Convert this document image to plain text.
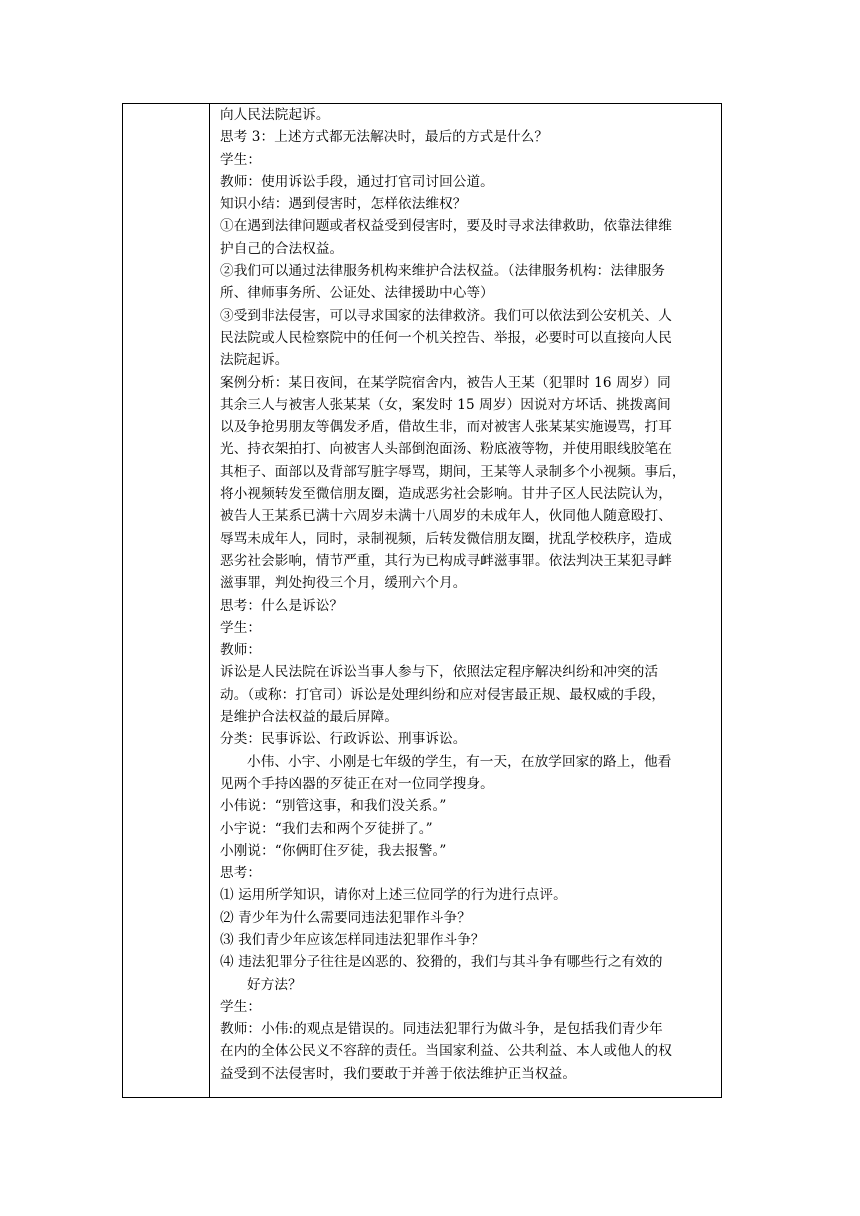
向人民法院起诉。
思考 3：上述方式都无法解决时，最后的方式是什么？
学生：
教师：使用诉讼手段，通过打官司讨回公道。
知识小结：遇到侵害时，怎样依法维权？
①在遇到法律问题或者权益受到侵害时，要及时寻求法律救助，依靠法律维
护自己的合法权益。
②我们可以通过法律服务机构来维护合法权益。（法律服务机构：法律服务
所、律师事务所、公证处、法律援助中心等）
③受到非法侵害，可以寻求国家的法律救济。我们可以依法到公安机关、人
民法院或人民检察院中的任何一个机关控告、举报，必要时可以直接向人民
法院起诉。
案例分析：某日夜间，在某学院宿舍内，被告人王某（犯罪时 16 周岁）同
其余三人与被害人张某某（女，案发时 15 周岁）因说对方坏话、挑拨离间
以及争抢男朋友等偶发矛盾，借故生非，而对被害人张某某实施谩骂，打耳
光、持衣架拍打、向被害人头部倒泡面汤、粉底液等物，并使用眼线胶笔在
其柜子、面部以及背部写脏字辱骂，期间，王某等人录制多个小视频。事后，
将小视频转发至微信朋友圈，造成恶劣社会影响。甘井子区人民法院认为，
被告人王某系已满十六周岁未满十八周岁的未成年人，伙同他人随意殴打、
辱骂未成年人，同时，录制视频，后转发微信朋友圈，扰乱学校秩序，造成
恶劣社会影响，情节严重，其行为已构成寻衅滋事罪。依法判决王某犯寻衅
滋事罪，判处拘役三个月，缓刑六个月。
思考：什么是诉讼？
学生：
教师：
诉讼是人民法院在诉讼当事人参与下，依照法定程序解决纠纷和冲突的活
动。（或称：打官司）诉讼是处理纠纷和应对侵害最正规、最权威的手段，
是维护合法权益的最后屏障。
分类：民事诉讼、行政诉讼、刑事诉讼。
小伟、小宇、小刚是七年级的学生，有一天，在放学回家的路上，他看
见两个手持凶器的歹徒正在对一位同学搜身。
小伟说：“别管这事，和我们没关系。”
小宇说：“我们去和两个歹徒拼了。”
小刚说：“你俩盯住歹徒，我去报警。”
思考：
⑴ 运用所学知识，请你对上述三位同学的行为进行点评。
⑵ 青少年为什么需要同违法犯罪作斗争？
⑶ 我们青少年应该怎样同违法犯罪作斗争？
⑷ 违法犯罪分子往往是凶恶的、狡猾的，我们与其斗争有哪些行之有效的
好方法？
学生：
教师：小伟:的观点是错误的。同违法犯罪行为做斗争，是包括我们青少年
在内的全体公民义不容辞的责任。当国家利益、公共利益、本人或他人的权
益受到不法侵害时，我们要敢于并善于依法维护正当权益。
